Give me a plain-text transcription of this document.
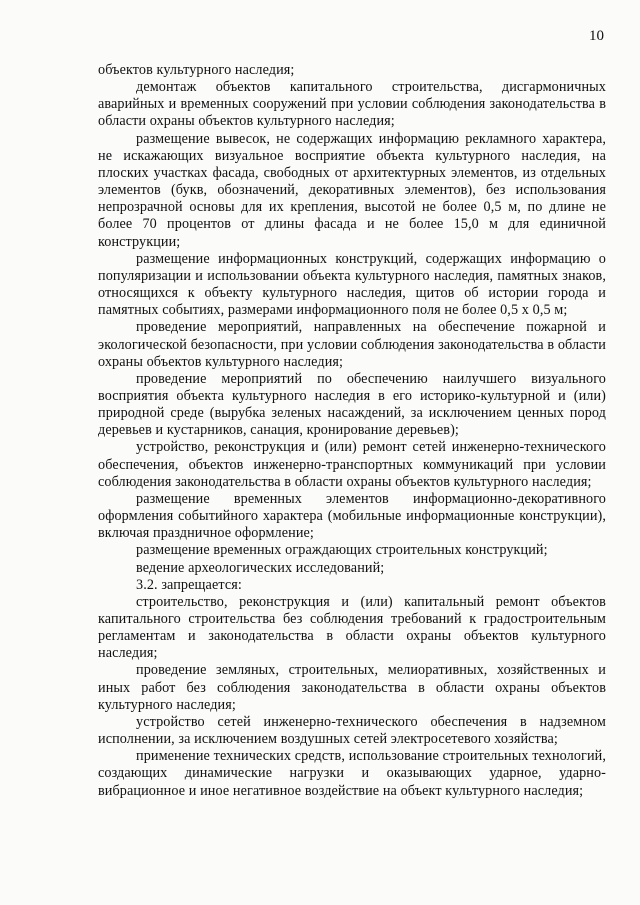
10

объектов культурного наследия;

демонтаж объектов капитального строительства, дисгармоничных аварийных и временных сооружений при условии соблюдения законодательства в области охраны объектов культурного наследия;

размещение вывесок, не содержащих информацию рекламного характера, не искажающих визуальное восприятие объекта культурного наследия, на плоских участках фасада, свободных от архитектурных элементов, из отдельных элементов (букв, обозначений, декоративных элементов), без использования непрозрачной основы для их крепления, высотой не более 0,5 м, по длине не более 70 процентов от длины фасада и не более 15,0 м для единичной конструкции;

размещение информационных конструкций, содержащих информацию о популяризации и использовании объекта культурного наследия, памятных знаков, относящихся к объекту культурного наследия, щитов об истории города и памятных событиях, размерами информационного поля не более 0,5 х 0,5 м;

проведение мероприятий, направленных на обеспечение пожарной и экологической безопасности, при условии соблюдения законодательства в области охраны объектов культурного наследия;

проведение мероприятий по обеспечению наилучшего визуального восприятия объекта культурного наследия в его историко-культурной и (или) природной среде (вырубка зеленых насаждений, за исключением ценных пород деревьев и кустарников, санация, кронирование деревьев);

устройство, реконструкция и (или) ремонт сетей инженерно-технического обеспечения, объектов инженерно-транспортных коммуникаций при условии соблюдения законодательства в области охраны объектов культурного наследия;

размещение временных элементов информационно-декоративного оформления событийного характера (мобильные информационные конструкции), включая праздничное оформление;

размещение временных ограждающих строительных конструкций;

ведение археологических исследований;

3.2. запрещается:

строительство, реконструкция и (или) капитальный ремонт объектов капитального строительства без соблюдения требований к градостроительным регламентам и законодательства в области охраны объектов культурного наследия;

проведение земляных, строительных, мелиоративных, хозяйственных и иных работ без соблюдения законодательства в области охраны объектов культурного наследия;

устройство сетей инженерно-технического обеспечения в надземном исполнении, за исключением воздушных сетей электросетевого хозяйства;

применение технических средств, использование строительных технологий, создающих динамические нагрузки и оказывающих ударное, ударно-вибрационное и иное негативное воздействие на объект культурного наследия;
